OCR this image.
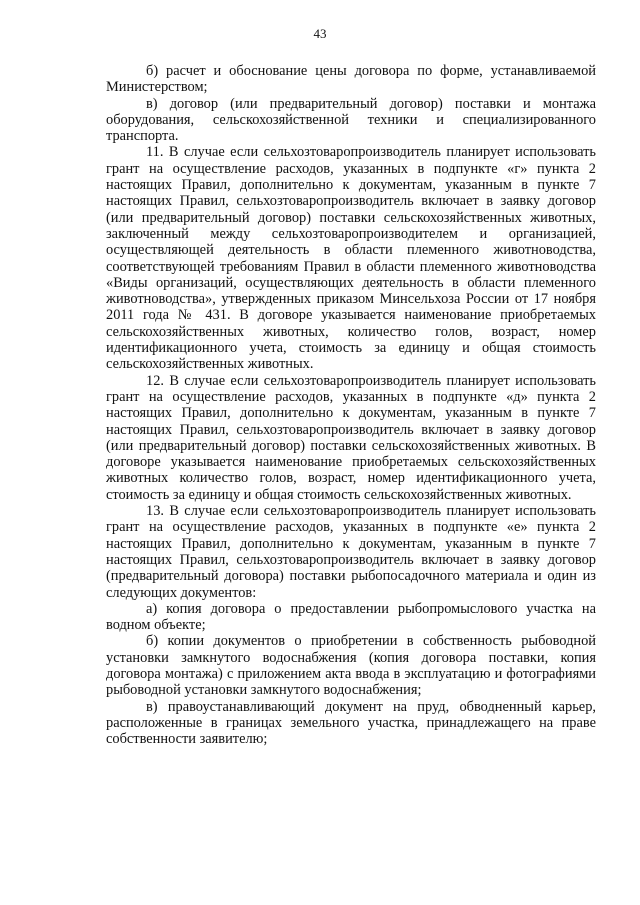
43

б) расчет и обоснование цены договора по форме, устанавливаемой Министерством;

в) договор (или предварительный договор) поставки и монтажа оборудования, сельскохозяйственной техники и специализированного транспорта.

11. В случае если сельхозтоваропроизводитель планирует использовать грант на осуществление расходов, указанных в подпункте «г» пункта 2 настоящих Правил, дополнительно к документам, указанным в пункте 7 настоящих Правил, сельхозтоваропроизводитель включает в заявку договор (или предварительный договор) поставки сельскохозяйственных животных, заключенный между сельхозтоваропроизводителем и организацией, осуществляющей деятельность в области племенного животноводства, соответствующей требованиям Правил в области племенного животноводства «Виды организаций, осуществляющих деятельность в области племенного животноводства», утвержденных приказом Минсельхоза России от 17 ноября 2011 года № 431. В договоре указывается наименование приобретаемых сельскохозяйственных животных, количество голов, возраст, номер идентификационного учета, стоимость за единицу и общая стоимость сельскохозяйственных животных.

12. В случае если сельхозтоваропроизводитель планирует использовать грант на осуществление расходов, указанных в подпункте «д» пункта 2 настоящих Правил, дополнительно к документам, указанным в пункте 7 настоящих Правил, сельхозтоваропроизводитель включает в заявку договор (или предварительный договор) поставки сельскохозяйственных животных. В договоре указывается наименование приобретаемых сельскохозяйственных животных количество голов, возраст, номер идентификационного учета, стоимость за единицу и общая стоимость сельскохозяйственных животных.

13. В случае если сельхозтоваропроизводитель планирует использовать грант на осуществление расходов, указанных в подпункте «е» пункта 2 настоящих Правил, дополнительно к документам, указанным в пункте 7 настоящих Правил, сельхозтоваропроизводитель включает в заявку договор (предварительный договора) поставки рыбопосадочного материала и один из следующих документов:

а) копия договора о предоставлении рыбопромыслового участка на водном объекте;

б) копии документов о приобретении в собственность рыбоводной установки замкнутого водоснабжения (копия договора поставки, копия договора монтажа) с приложением акта ввода в эксплуатацию и фотографиями рыбоводной установки замкнутого водоснабжения;

в) правоустанавливающий документ на пруд, обводненный карьер, расположенные в границах земельного участка, принадлежащего на праве собственности заявителю;
